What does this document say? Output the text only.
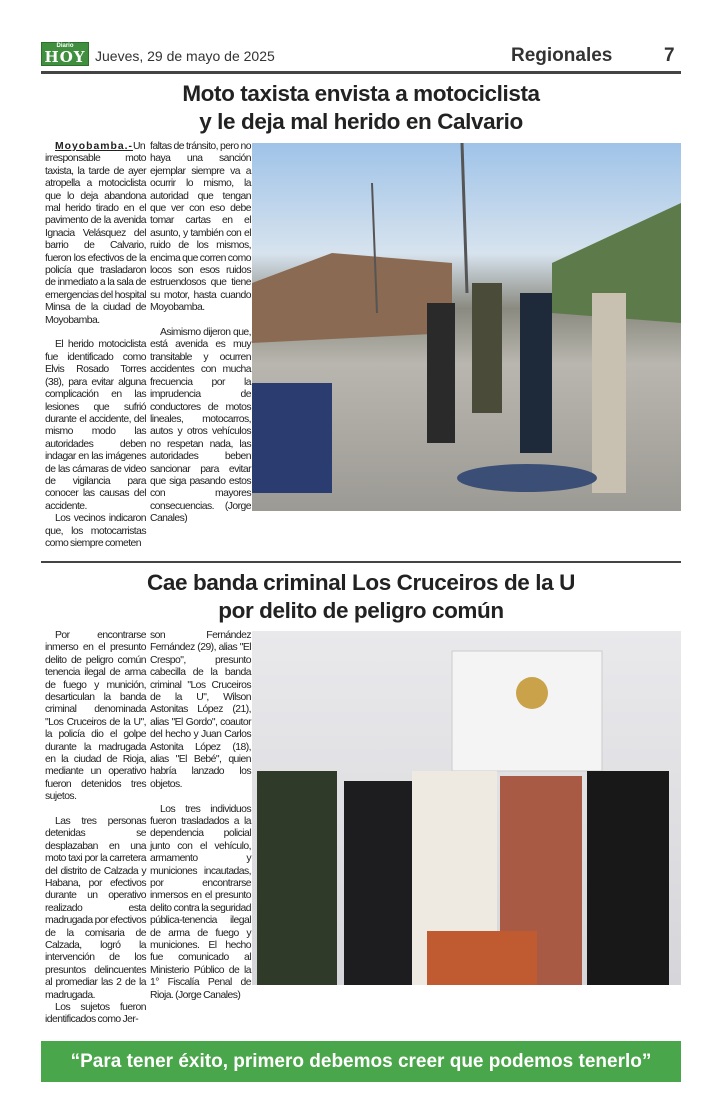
Diario
HOY Jueves, 29 de mayo de 2025	Regionales	7
Moto taxista envista a motociclista
y le deja mal herido en Calvario

Moyobamba.-Un irresponsable moto taxista, la tarde de ayer atropella a motociclista que lo deja abandona mal herido tirado en el pavimento de la avenida Ignacia Velásquez del barrio de Calvario, fueron los efectivos de la policía que trasladaron de inmediato a la sala de emergencias del hospital Minsa de la ciudad de Moyobamba.

El herido motociclista fue identificado como Elvis Rosado Torres (38), para evitar alguna complicación en las lesiones que sufrió durante el accidente, del mismo modo las autoridades deben indagar en las imágenes de las cámaras de video de vigilancia para conocer las causas del accidente.

Los vecinos indicaron que, los motocarristas como siempre cometen

faltas de tránsito, pero no haya una sanción ejemplar siempre va a ocurrir lo mismo, la autoridad que tengan que ver con eso debe tomar cartas en el asunto, y también con el ruido de los mismos, encima que corren como locos son esos ruidos estruendosos que tiene su motor, hasta cuando Moyobamba.

Asimismo dijeron que, está avenida es muy transitable y ocurren accidentes con mucha frecuencia por la imprudencia de conductores de motos lineales, motocarros, autos y otros vehículos no respetan nada, las autoridades beben sancionar para evitar que siga pasando estos con mayores consecuencias. (Jorge Canales)

Cae banda criminal Los Cruceiros de la U
por delito de peligro común

Por encontrarse inmerso en el presunto delito de peligro común tenencia ilegal de arma de fuego y munición, desarticulan la banda criminal denominada "Los Cruceiros de la U", la policía dio el golpe durante la madrugada en la ciudad de Rioja, mediante un operativo fueron detenidos tres sujetos.

Las tres personas detenidas se desplazaban en una moto taxi por la carretera del distrito de Calzada y Habana, por efectivos durante un operativo realizado esta madrugada por efectivos de la comisaria de Calzada, logró la intervención de los presuntos delincuentes al promediar las 2 de la madrugada.

Los sujetos fueron identificados como Jer-

son Fernández Fernández (29), alias "El Crespo", presunto cabecilla de la banda criminal "Los Cruceiros de la U", Wilson Astonitas López (21), alias "El Gordo", coautor del hecho y Juan Carlos Astonita López (18), alias "El Bebé", quien habría lanzado los objetos.

Los tres individuos fueron trasladados a la dependencia policial junto con el vehículo, armamento y municiones incautadas, por encontrarse inmersos en el presunto delito contra la seguridad pública-tenencia ilegal de arma de fuego y municiones. El hecho fue comunicado al Ministerio Público de la 1° Fiscalía Penal de Rioja. (Jorge Canales)

“Para tener éxito, primero debemos creer que podemos tenerlo”
